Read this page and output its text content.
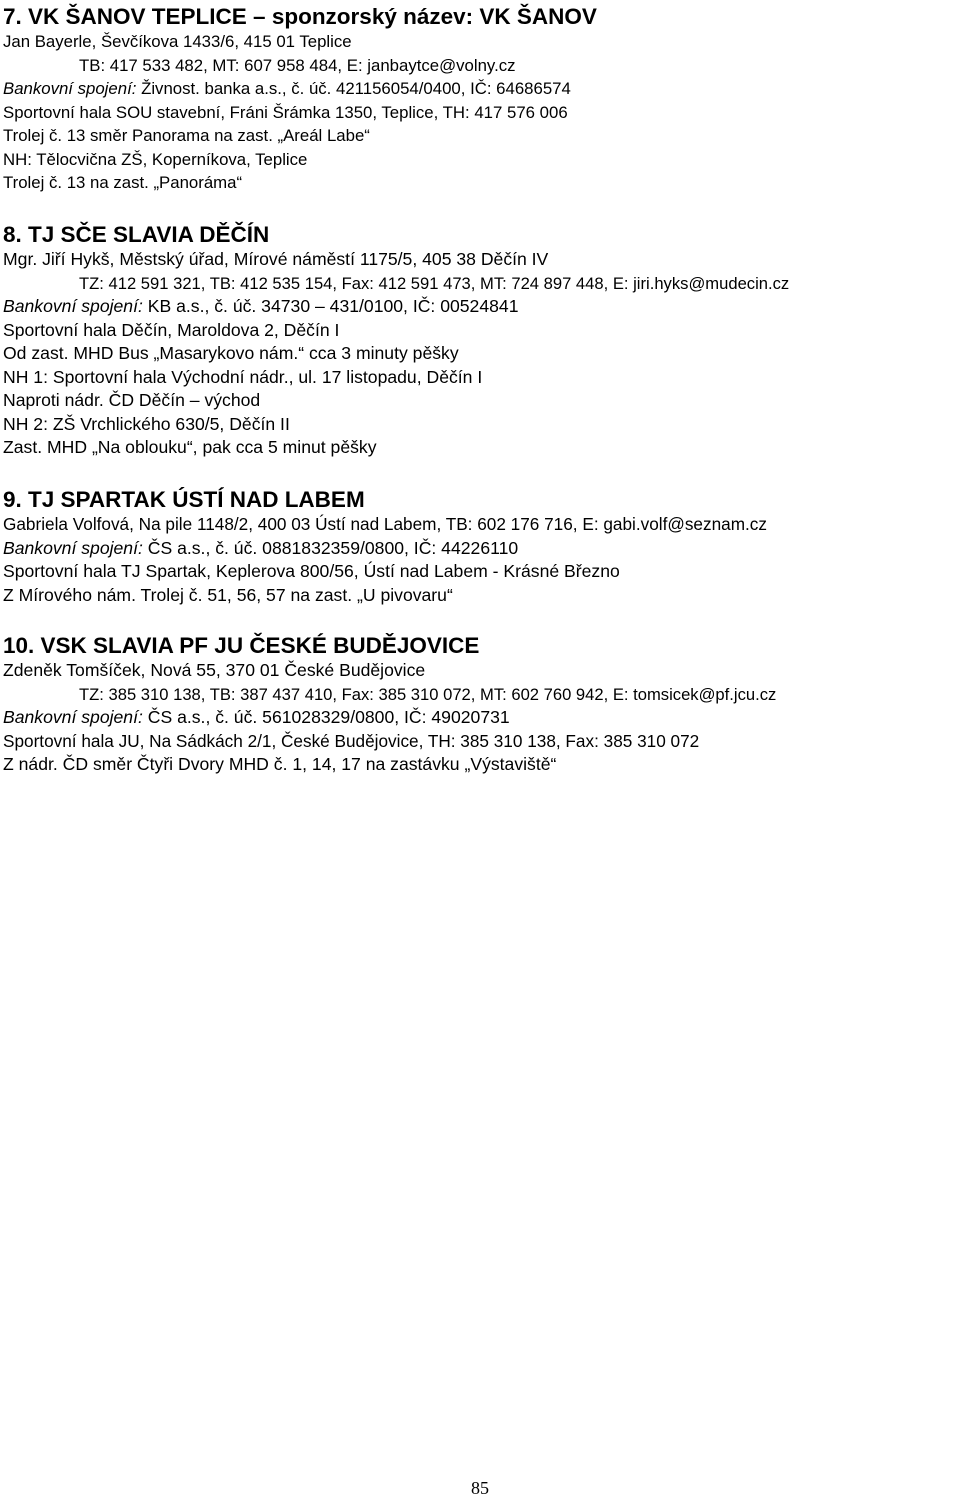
7. VK ŠANOV TEPLICE – sponzorský název: VK ŠANOV
Jan Bayerle, Ševčíkova 1433/6, 415 01 Teplice
TB: 417 533 482, MT: 607 958 484, E: janbaytce@volny.cz
Bankovní spojení: Živnost. banka a.s., č. úč. 421156054/0400, IČ: 64686574
Sportovní hala SOU stavební, Fráni Šrámka 1350, Teplice, TH: 417 576 006
Trolej č. 13 směr Panorama na zast. „Areál Labe“
NH: Tělocvična ZŠ, Koperníkova, Teplice
Trolej č. 13 na zast. „Panoráma“
8. TJ SČE SLAVIA DĚČÍN
Mgr. Jiří Hykš, Městský úřad, Mírové náměstí 1175/5, 405 38 Děčín IV
TZ: 412 591 321, TB: 412 535 154, Fax: 412 591 473, MT: 724 897 448, E: jiri.hyks@mudecin.cz
Bankovní spojení: KB a.s., č. úč. 34730 – 431/0100, IČ: 00524841
Sportovní hala Děčín, Maroldova 2, Děčín I
Od zast. MHD Bus „Masarykovo nám.“ cca 3 minuty pěšky
NH 1: Sportovní hala Východní nádr., ul. 17 listopadu, Děčín I
Naproti nádr. ČD Děčín – východ
NH 2: ZŠ Vrchlického 630/5, Děčín II
Zast. MHD „Na oblouku“, pak cca 5 minut pěšky
9. TJ SPARTAK ÚSTÍ NAD LABEM
Gabriela Volfová, Na pile 1148/2, 400 03 Ústí nad Labem, TB: 602 176 716, E: gabi.volf@seznam.cz
Bankovní spojení: ČS a.s., č. úč. 0881832359/0800, IČ: 44226110
Sportovní hala TJ Spartak, Keplerova 800/56, Ústí nad Labem - Krásné Březno
Z Mírového nám. Trolej č. 51, 56, 57 na zast. „U pivovaru“
10. VSK SLAVIA PF JU ČESKÉ BUDĚJOVICE
Zdeněk Tomšíček, Nová 55, 370 01 České Budějovice
TZ: 385 310 138, TB: 387 437 410, Fax: 385 310 072, MT: 602 760 942, E: tomsicek@pf.jcu.cz
Bankovní spojení: ČS a.s., č. úč. 561028329/0800, IČ: 49020731
Sportovní hala JU, Na Sádkách 2/1, České Budějovice, TH: 385 310 138, Fax: 385 310 072
Z nádr. ČD směr Čtyři Dvory MHD č. 1, 14, 17 na zastávku „Výstaviště“
85
